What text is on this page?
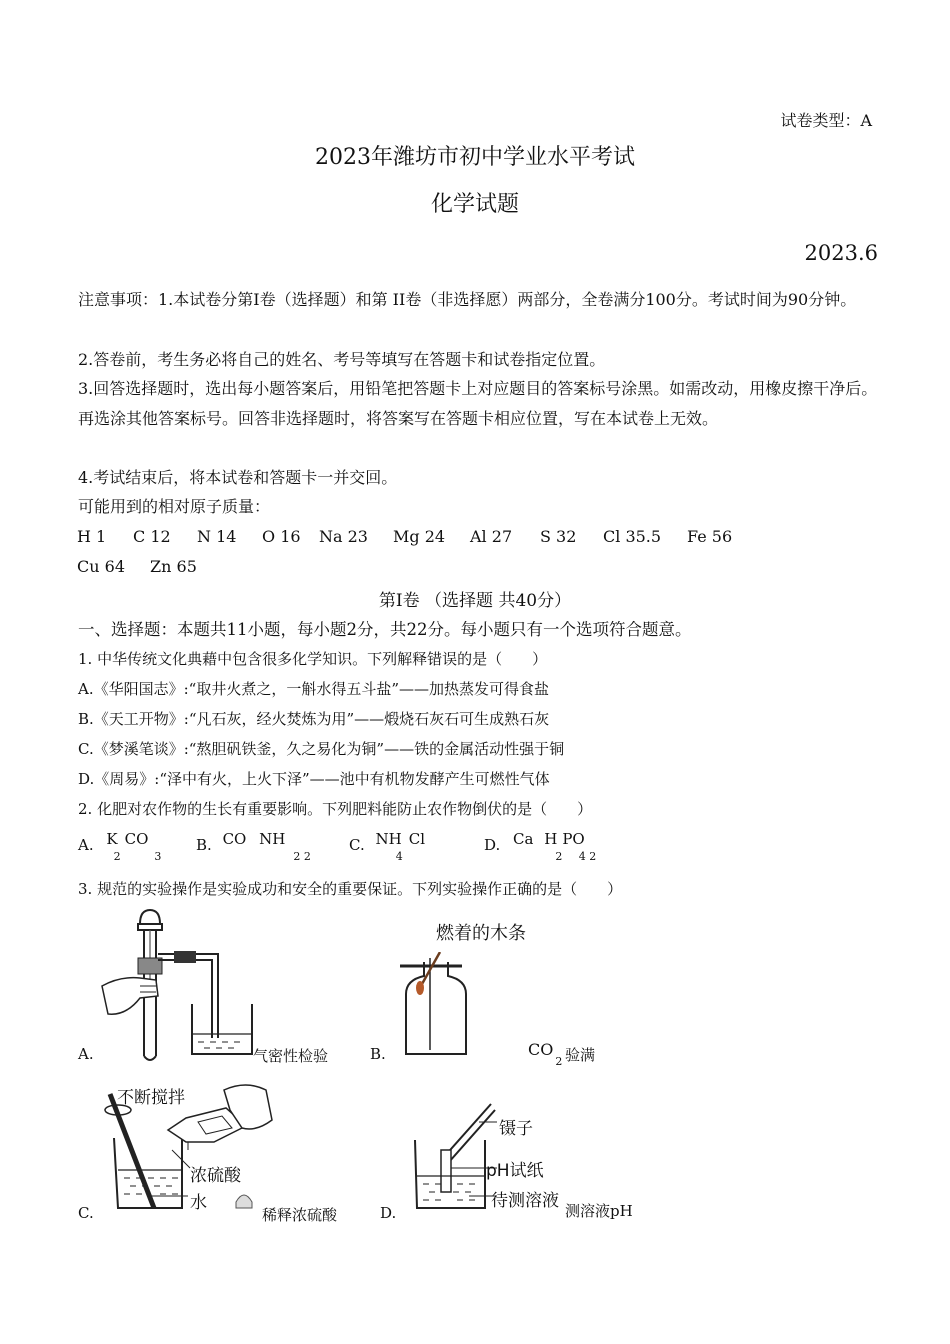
试卷类型：A
2023年潍坊市初中学业水平考试
化学试题
2023.6
注意事项：1.本试卷分第Ⅰ卷（选择题）和第 II卷（非选择愿）两部分，全卷满分100分。考试时间为90分钟。
2.答卷前，考生务必将自己的姓名、考号等填写在答题卡和试卷指定位置。
3.回答选择题时，选出每小题答案后，用铅笔把答题卡上对应题目的答案标号涂黑。如需改动，用橡皮擦干净后。再选涂其他答案标号。回答非选择题时，将答案写在答题卡相应位置，写在本试卷上无效。
4.考试结束后，将本试卷和答题卡一并交回。
可能用到的相对原子质量：
H 1 C 12 N 14 O 16 Na 23 Mg 24 Al 27 S 32 Cl 35.5 Fe 56
Cu 64 Zn 65
第Ⅰ卷 （选择题 共40分）
一、选择题：本题共11小题，每小题2分，共22分。每小题只有一个选项符合题意。
1. 中华传统文化典藉中包含很多化学知识。下列解释错误的是（　　）
A.《华阳国志》:“取井火煮之，一斛水得五斗盐”——加热蒸发可得食盐
B.《天工开物》:“凡石灰，经火焚炼为用”——煅烧石灰石可生成熟石灰
C.《梦溪笔谈》:“熬胆矾铁釜，久之易化为铜”——铁的金属活动性强于铜
D.《周易》:“泽中有火，上火下泽”——池中有机物发酵产生可燃性气体
2. 化肥对农作物的生长有重要影响。下列肥料能防止农作物倒伏的是（　　）
A. $K_2CO_3$
B. CO $NH_{2 2}$
C. $NH_4Cl$	D. Ca $H_2PO_{4 2}$
3. 规范的实验操作是实验成功和安全的重要保证。下列实验操作正确的是（　　）
A.	气密性检验	B.
燃着的木条
$CO_2$ 验满
C.
不断搅拌
浓硫酸
水
稀释浓硫酸	D.
镊子
pH试纸
待测溶液 测溶液pH
